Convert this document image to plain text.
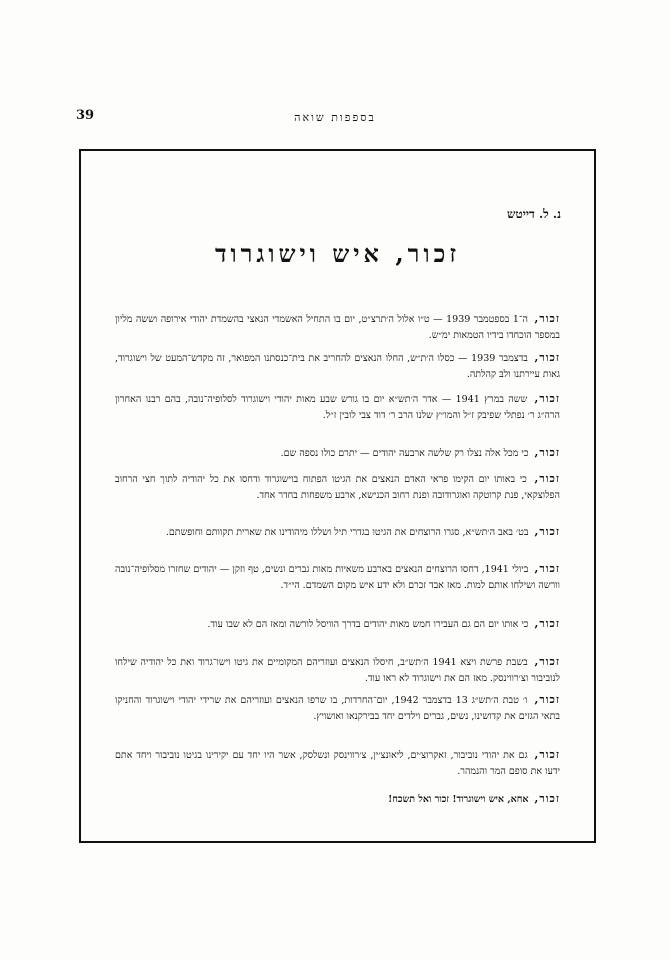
39	בספפות שואה
נ. ל. דייטש
זכור, איש וישוגרוד
זכור, ה־1 בספטמבר 1939 — ט״ו אלול ה׳תרצ״ט, יום בו התחיל האשמדי הנאצי בהשמדת יהודי אירופה וששה מליון במספר הוכחדו בידיו הטמאות ימ״ש.
זכור, בדצמבר 1939 — כסלו ה׳ת״ש, החלו הנאצים להחריב את בית־כנסתנו המפואר, זה מקדש־המעט של וישוגרוד, גאות עיירתנו ולבּ קהלתה.
זכור, ששה במרץ 1941 — אדר ה׳תש״א יום בו גורש שבע מאות יהודי וישוגרוד לסלופיה־נובה, בהם רבנו האחרון הרה״ג ר׳ נפתלי שפיבק ז״ל והמו״ץ שלנו הרב ר׳ דוד צבי לובין ז״ל.
זכור, כי מכל אלה נצלו רק שלשה ארבעה יהודים — יתרם כולו נספה שם.
זכור, כי באותו יום הקימו פראי האדם הנאצים את הגיטו הפתוח בוישוגרוד ודחסו את כל יהודיה לתוך חצי הרחוב הפלוצקאי, פנת קרוטקה ואוגרודובה ופנת רחוב הכנישא, ארבע משפחות בחדר אחד.
זכור, בט׳ באב ה׳תש״א, סגרו הרוצחים את הגיטו בגדרי תיל ושללו מיהודינו את שארית תקוותם וחופשתם.
זכור, ביולי 1941, דחסו הרוצחים הנאצים בארבע משאיות מאות גברים ונשים, טף וזקן — יהודים שחזרו מסלופיה־נובה וורשה ושילחו אותם למות. מאז אבד זכרם ולא ידע איש מקום השמדם. הי״ד.
זכור, כי אותו יום הם גם העבירו חמש מאות יהודים בדרך הוויסל לורשה ומאז הם לא שבו עוד.
זכור, בשבת פרשת ויצא 1941 ה׳תש״ב, חיסלו הנאצים ועוזריהם המקומיים את גיטו וישו־גרוד ואת כל יהודיה שילחו לנוביבור וצ׳רווינסק. מאז הם את וישוגרוד לא ראו עוד.
זכור, ו׳ טבת ה׳תש״ג 13 בדצמבר 1942, יום־החרדות, בו שרפו הנאצים ועוזריהם את שרידי יהודי וישוגרוד והחניקו בתאי הגזים את קדושינו, נשים, גברים וילדים יחד בבירקנאו ואושויץ.
זכור, גם את יהודי נוביבור, זאקרוצ׳ים, ליאונצ׳ין, צ׳רווינסק ונשלסק, אשר היו יחד עם יקירינו בגיטו נוביבור ויחד אתם ידעו את סופם המר והנמהר.
זכור, אחא, איש וישוגרוד! זכור ואל תשכח!
